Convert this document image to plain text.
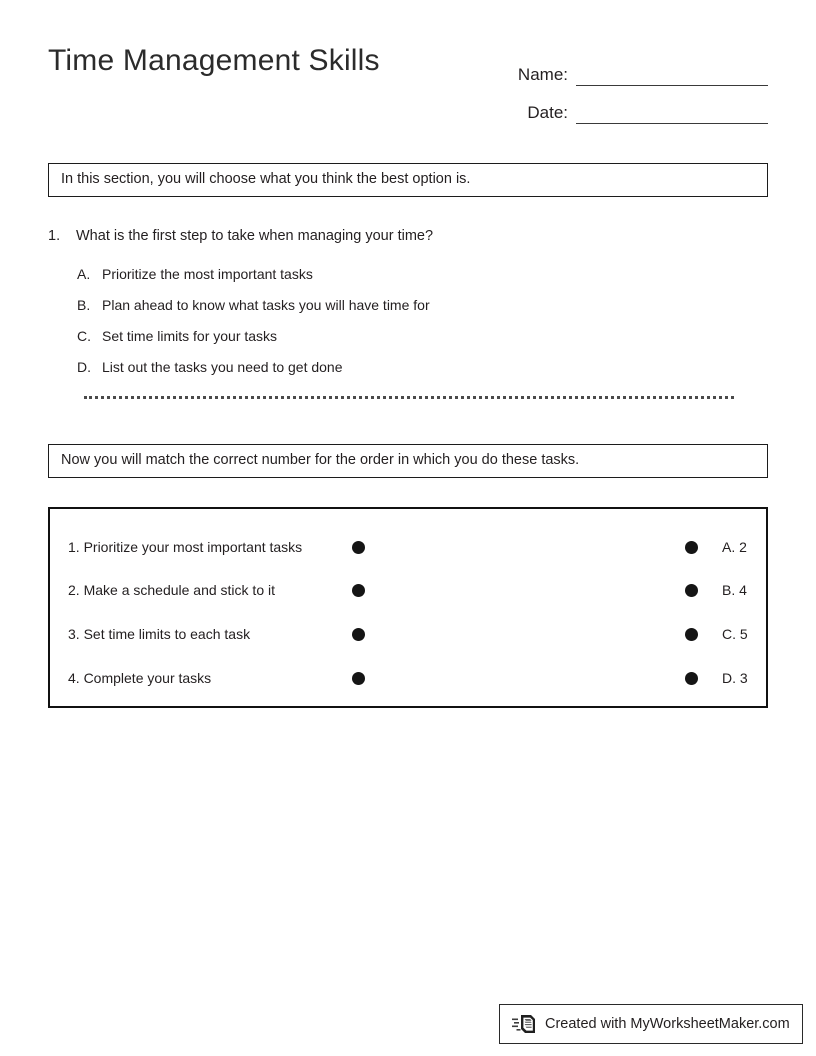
Time Management Skills	Name:
Date:
In this section, you will choose what you think the best option is.
1.	What is the first step to take when managing your time?
A. Prioritize the most important tasks
B. Plan ahead to know what tasks you will have time for
C. Set time limits for your tasks
D. List out the tasks you need to get done
Now you will match the correct number for the order in which you do these tasks.
1. Prioritize your most important tasks	A. 2
2. Make a schedule and stick to it	B. 4
3. Set time limits to each task	C. 5
4. Complete your tasks	D. 3
Created with MyWorksheetMaker.com
